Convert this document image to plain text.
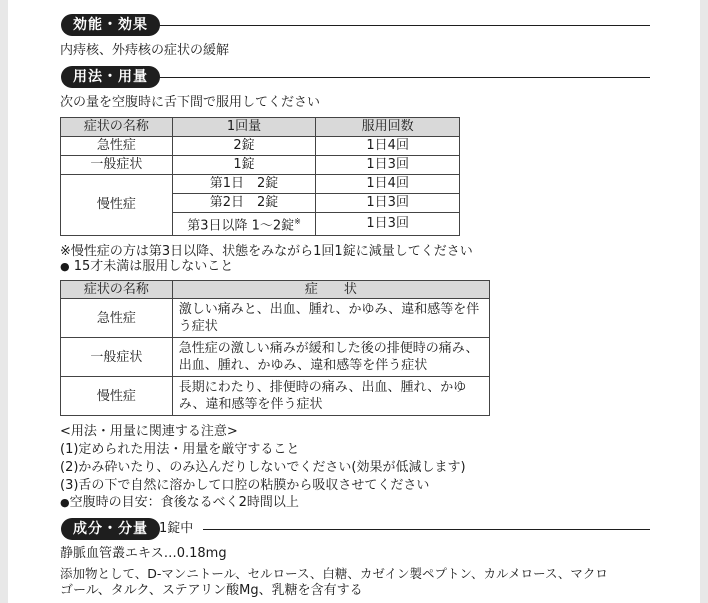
効能・効果
内痔核、外痔核の症状の緩解
用法・用量
次の量を空腹時に舌下間で服用してください
症状の名称	1回量	服用回数
急性症	2錠	1日4回
一般症状	1錠	1日3回
慢性症	第1日　2錠	1日4回
	第2日　2錠	1日3回
	第3日以降 1〜2錠※	1日3回
※慢性症の方は第3日以降、状態をみながら1回1錠に減量してください
● 15才未満は服用しないこと
症状の名称	症　　状
急性症	激しい痛みと、出血、腫れ、かゆみ、違和感等を伴う症状
一般症状	急性症の激しい痛みが緩和した後の排便時の痛み、出血、腫れ、かゆみ、違和感等を伴う症状
慢性症	長期にわたり、排便時の痛み、出血、腫れ、かゆみ、違和感等を伴う症状
<用法・用量に関連する注意>
(1)定められた用法・用量を厳守すること
(2)かみ砕いたり、のみ込んだりしないでください(効果が低減します)
(3)舌の下で自然に溶かして口腔の粘膜から吸収させてください
●空腹時の目安：食後なるべく2時間以上
成分・分量 1錠中
静脈血管叢エキス…0.18mg
添加物として、D-マンニトール、セルロース、白糖、カゼイン製ペプトン、カルメロース、マクロ
ゴール、タルク、ステアリン酸Mg、乳糖を含有する
